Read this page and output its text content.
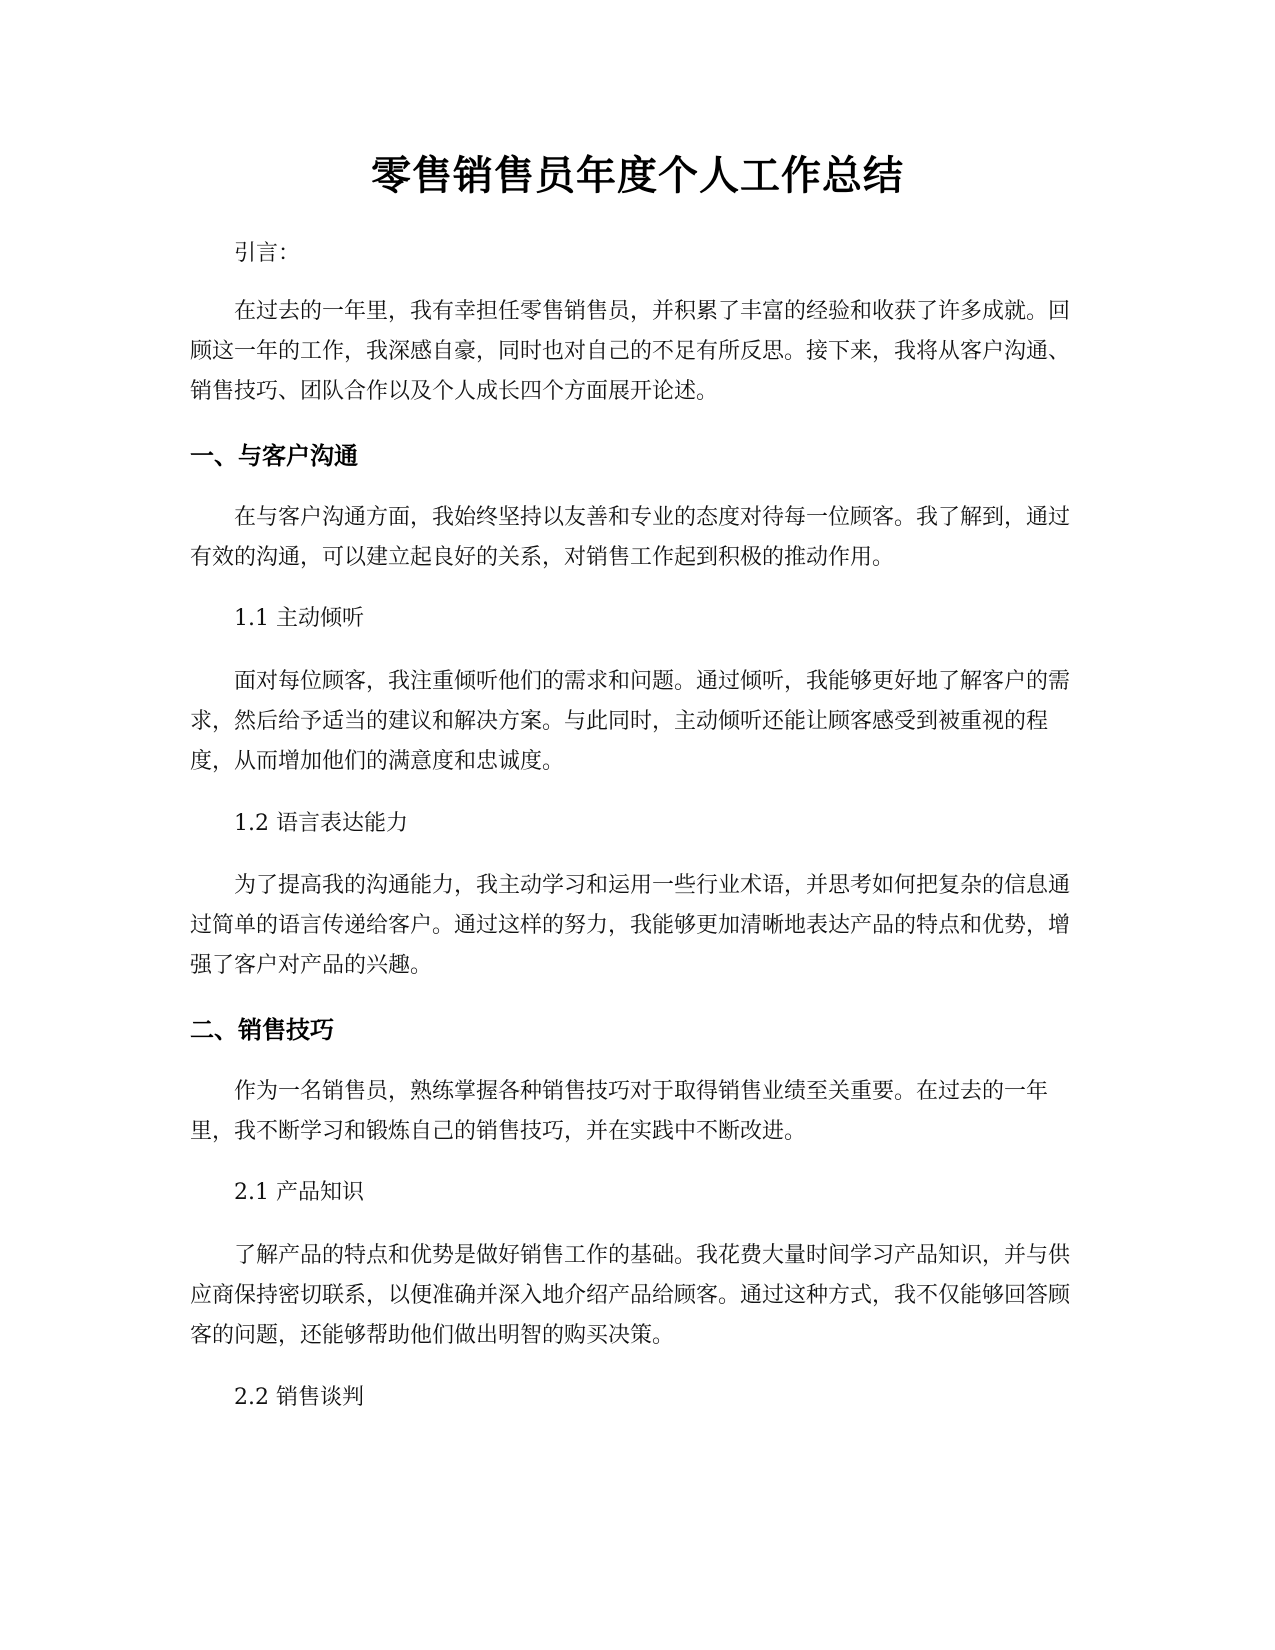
零售销售员年度个人工作总结

引言：

在过去的一年里，我有幸担任零售销售员，并积累了丰富的经验和收获了许多成就。回顾这一年的工作，我深感自豪，同时也对自己的不足有所反思。接下来，我将从客户沟通、销售技巧、团队合作以及个人成长四个方面展开论述。

一、与客户沟通

在与客户沟通方面，我始终坚持以友善和专业的态度对待每一位顾客。我了解到，通过有效的沟通，可以建立起良好的关系，对销售工作起到积极的推动作用。

1.1 主动倾听

面对每位顾客，我注重倾听他们的需求和问题。通过倾听，我能够更好地了解客户的需求，然后给予适当的建议和解决方案。与此同时，主动倾听还能让顾客感受到被重视的程度，从而增加他们的满意度和忠诚度。

1.2 语言表达能力

为了提高我的沟通能力，我主动学习和运用一些行业术语，并思考如何把复杂的信息通过简单的语言传递给客户。通过这样的努力，我能够更加清晰地表达产品的特点和优势，增强了客户对产品的兴趣。

二、销售技巧

作为一名销售员，熟练掌握各种销售技巧对于取得销售业绩至关重要。在过去的一年里，我不断学习和锻炼自己的销售技巧，并在实践中不断改进。

2.1 产品知识

了解产品的特点和优势是做好销售工作的基础。我花费大量时间学习产品知识，并与供应商保持密切联系，以便准确并深入地介绍产品给顾客。通过这种方式，我不仅能够回答顾客的问题，还能够帮助他们做出明智的购买决策。

2.2 销售谈判
